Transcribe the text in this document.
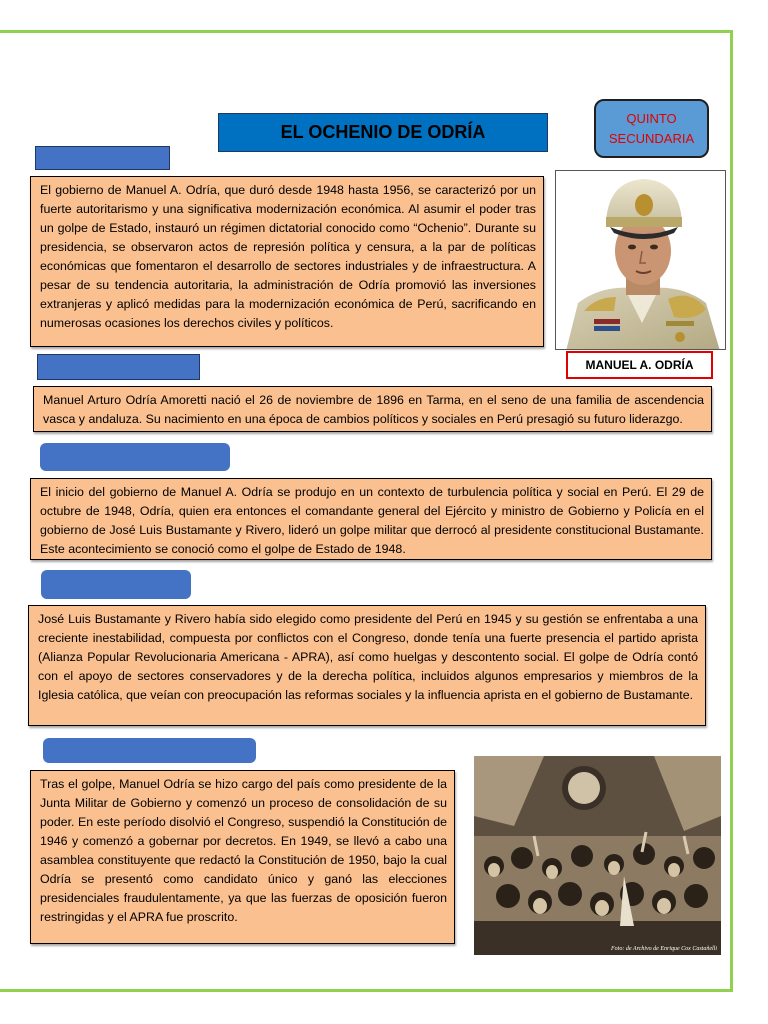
EL OCHENIO DE ODRÍA
QUINTO
SECUNDARIA
El gobierno de Manuel A. Odría, que duró desde 1948 hasta 1956, se caracterizó por un fuerte autoritarismo y una significativa modernización económica. Al asumir el poder tras un golpe de Estado, instauró un régimen dictatorial conocido como “Ochenio”. Durante su presidencia, se observaron actos de represión política y censura, a la par de políticas económicas que fomentaron el desarrollo de sectores industriales y de infraestructura. A pesar de su tendencia autoritaria, la administración de Odría promovió las inversiones extranjeras y aplicó medidas para la modernización económica de Perú, sacrificando en numerosas ocasiones los derechos civiles y políticos.
MANUEL A. ODRÍA
Manuel Arturo Odría Amoretti nació el 26 de noviembre de 1896 en Tarma, en el seno de una familia de ascendencia vasca y andaluza. Su nacimiento en una época de cambios políticos y sociales en Perú presagió su futuro liderazgo.
El inicio del gobierno de Manuel A. Odría se produjo en un contexto de turbulencia política y social en Perú. El 29 de octubre de 1948, Odría, quien era entonces el comandante general del Ejército y ministro de Gobierno y Policía en el gobierno de José Luis Bustamante y Rivero, lideró un golpe militar que derrocó al presidente constitucional Bustamante. Este acontecimiento se conoció como el golpe de Estado de 1948.
José Luis Bustamante y Rivero había sido elegido como presidente del Perú en 1945 y su gestión se enfrentaba a una creciente inestabilidad, compuesta por conflictos con el Congreso, donde tenía una fuerte presencia el partido aprista (Alianza Popular Revolucionaria Americana - APRA), así como huelgas y descontento social. El golpe de Odría contó con el apoyo de sectores conservadores y de la derecha política, incluidos algunos empresarios y miembros de la Iglesia católica, que veían con preocupación las reformas sociales y la influencia aprista en el gobierno de Bustamante.
Tras el golpe, Manuel Odría se hizo cargo del país como presidente de la Junta Militar de Gobierno y comenzó un proceso de consolidación de su poder. En este período disolvió el Congreso, suspendió la Constitución de 1946 y comenzó a gobernar por decretos. En 1949, se llevó a cabo una asamblea constituyente que redactó la Constitución de 1950, bajo la cual Odría se presentó como candidato único y ganó las elecciones presidenciales fraudulentamente, ya que las fuerzas de oposición fueron restringidas y el APRA fue proscrito.
Foto: de Archivo de Enrique Cox Castañelli
